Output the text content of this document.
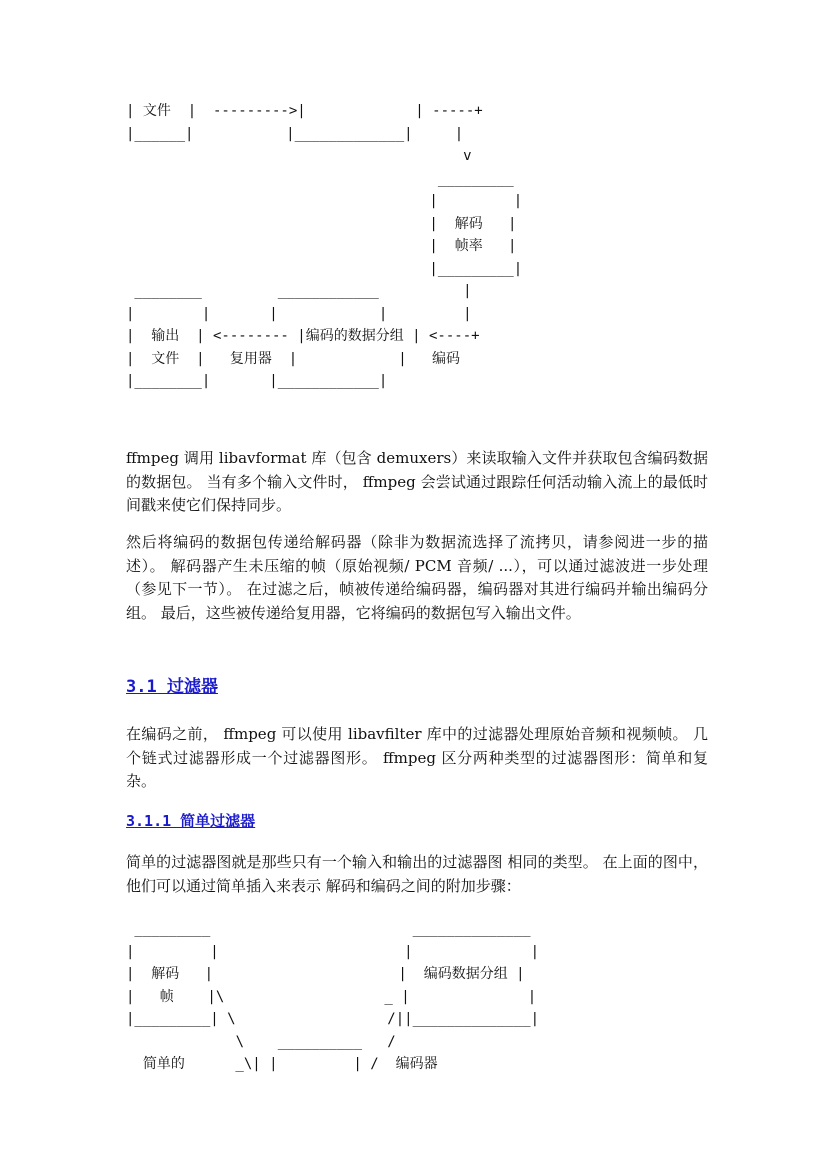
| 文件  |  --------->|             | -----+
|______|           |_____________|     |
v
_________
|         |
|  解码   |
|  帧率   |
|_________|
________         ____________          |
|        |       |            |         |
|  输出  | <-------- |编码的数据分组 | <----+
|  文件  |   复用器  |            |   编码
|________|       |____________|

ffmpeg 调用 libavformat 库（包含 demuxers）来读取输入文件并获取包含编码数据的数据包。 当有多个输入文件时， ffmpeg 会尝试通过跟踪任何活动输入流上的最低时间戳来使它们保持同步。

然后将编码的数据包传递给解码器（除非为数据流选择了流拷贝，请参阅进一步的描述）。 解码器产生未压缩的帧（原始视频/ PCM 音频/ ...），可以通过滤波进一步处理（参见下一节）。 在过滤之后，帧被传递给编码器，编码器对其进行编码并输出编码分组。 最后，这些被传递给复用器，它将编码的数据包写入输出文件。

3.1 过滤器

在编码之前， ffmpeg 可以使用 libavfilter 库中的过滤器处理原始音频和视频帧。 几个链式过滤器形成一个过滤器图形。 ffmpeg 区分两种类型的过滤器图形：简单和复杂。

3.1.1 简单过滤器

简单的过滤器图就是那些只有一个输入和输出的过滤器图 相同的类型。 在上面的图中，他们可以通过简单插入来表示 解码和编码之间的附加步骤：

_________                        ______________
|         |                      |              |
|  解码   |                      |  编码数据分组 |
|   帧    |\                   _ |              |
|_________| \                  /||______________|
\    __________   /
简单的      _\| |         | /  编码器
